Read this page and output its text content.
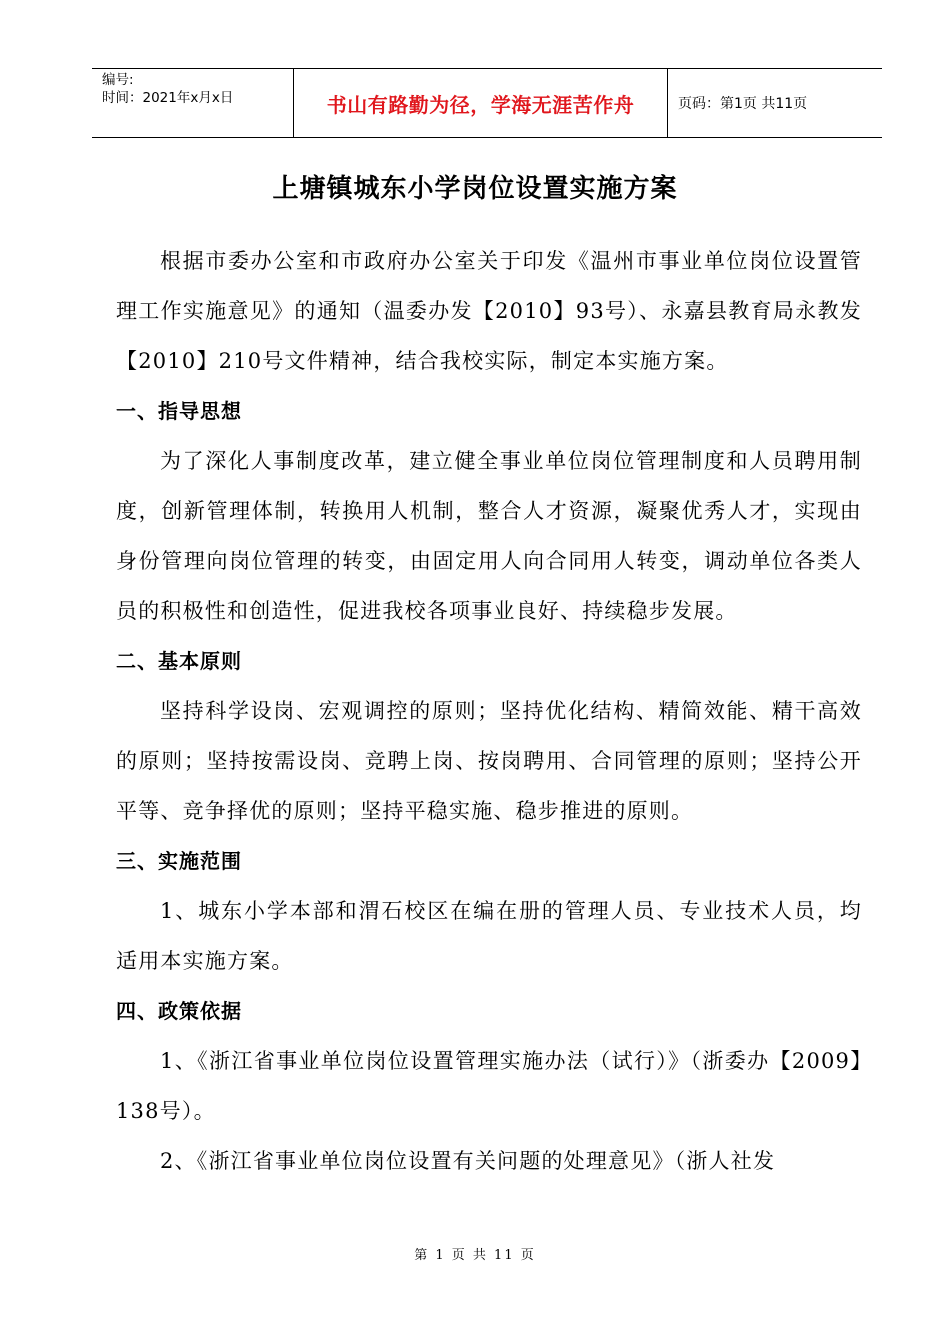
编号:
时间：2021年x月x日	书山有路勤为径，学海无涯苦作舟	页码：第1页 共11页
上塘镇城东小学岗位设置实施方案

根据市委办公室和市政府办公室关于印发《温州市事业单位岗位设置管理工作实施意见》的通知（温委办发【2010】93号）、永嘉县教育局永教发【2010】210号文件精神，结合我校实际，制定本实施方案。

一、指导思想

为了深化人事制度改革，建立健全事业单位岗位管理制度和人员聘用制度，创新管理体制，转换用人机制，整合人才资源，凝聚优秀人才，实现由身份管理向岗位管理的转变，由固定用人向合同用人转变，调动单位各类人员的积极性和创造性，促进我校各项事业良好、持续稳步发展。

二、基本原则

坚持科学设岗、宏观调控的原则；坚持优化结构、精简效能、精干高效的原则；坚持按需设岗、竞聘上岗、按岗聘用、合同管理的原则；坚持公开平等、竞争择优的原则；坚持平稳实施、稳步推进的原则。

三、实施范围

1、城东小学本部和渭石校区在编在册的管理人员、专业技术人员，均适用本实施方案。

四、政策依据

1、《浙江省事业单位岗位设置管理实施办法（试行）》（浙委办【2009】138号）。

2、《浙江省事业单位岗位设置有关问题的处理意见》（浙人社发

第 1 页 共 11 页
